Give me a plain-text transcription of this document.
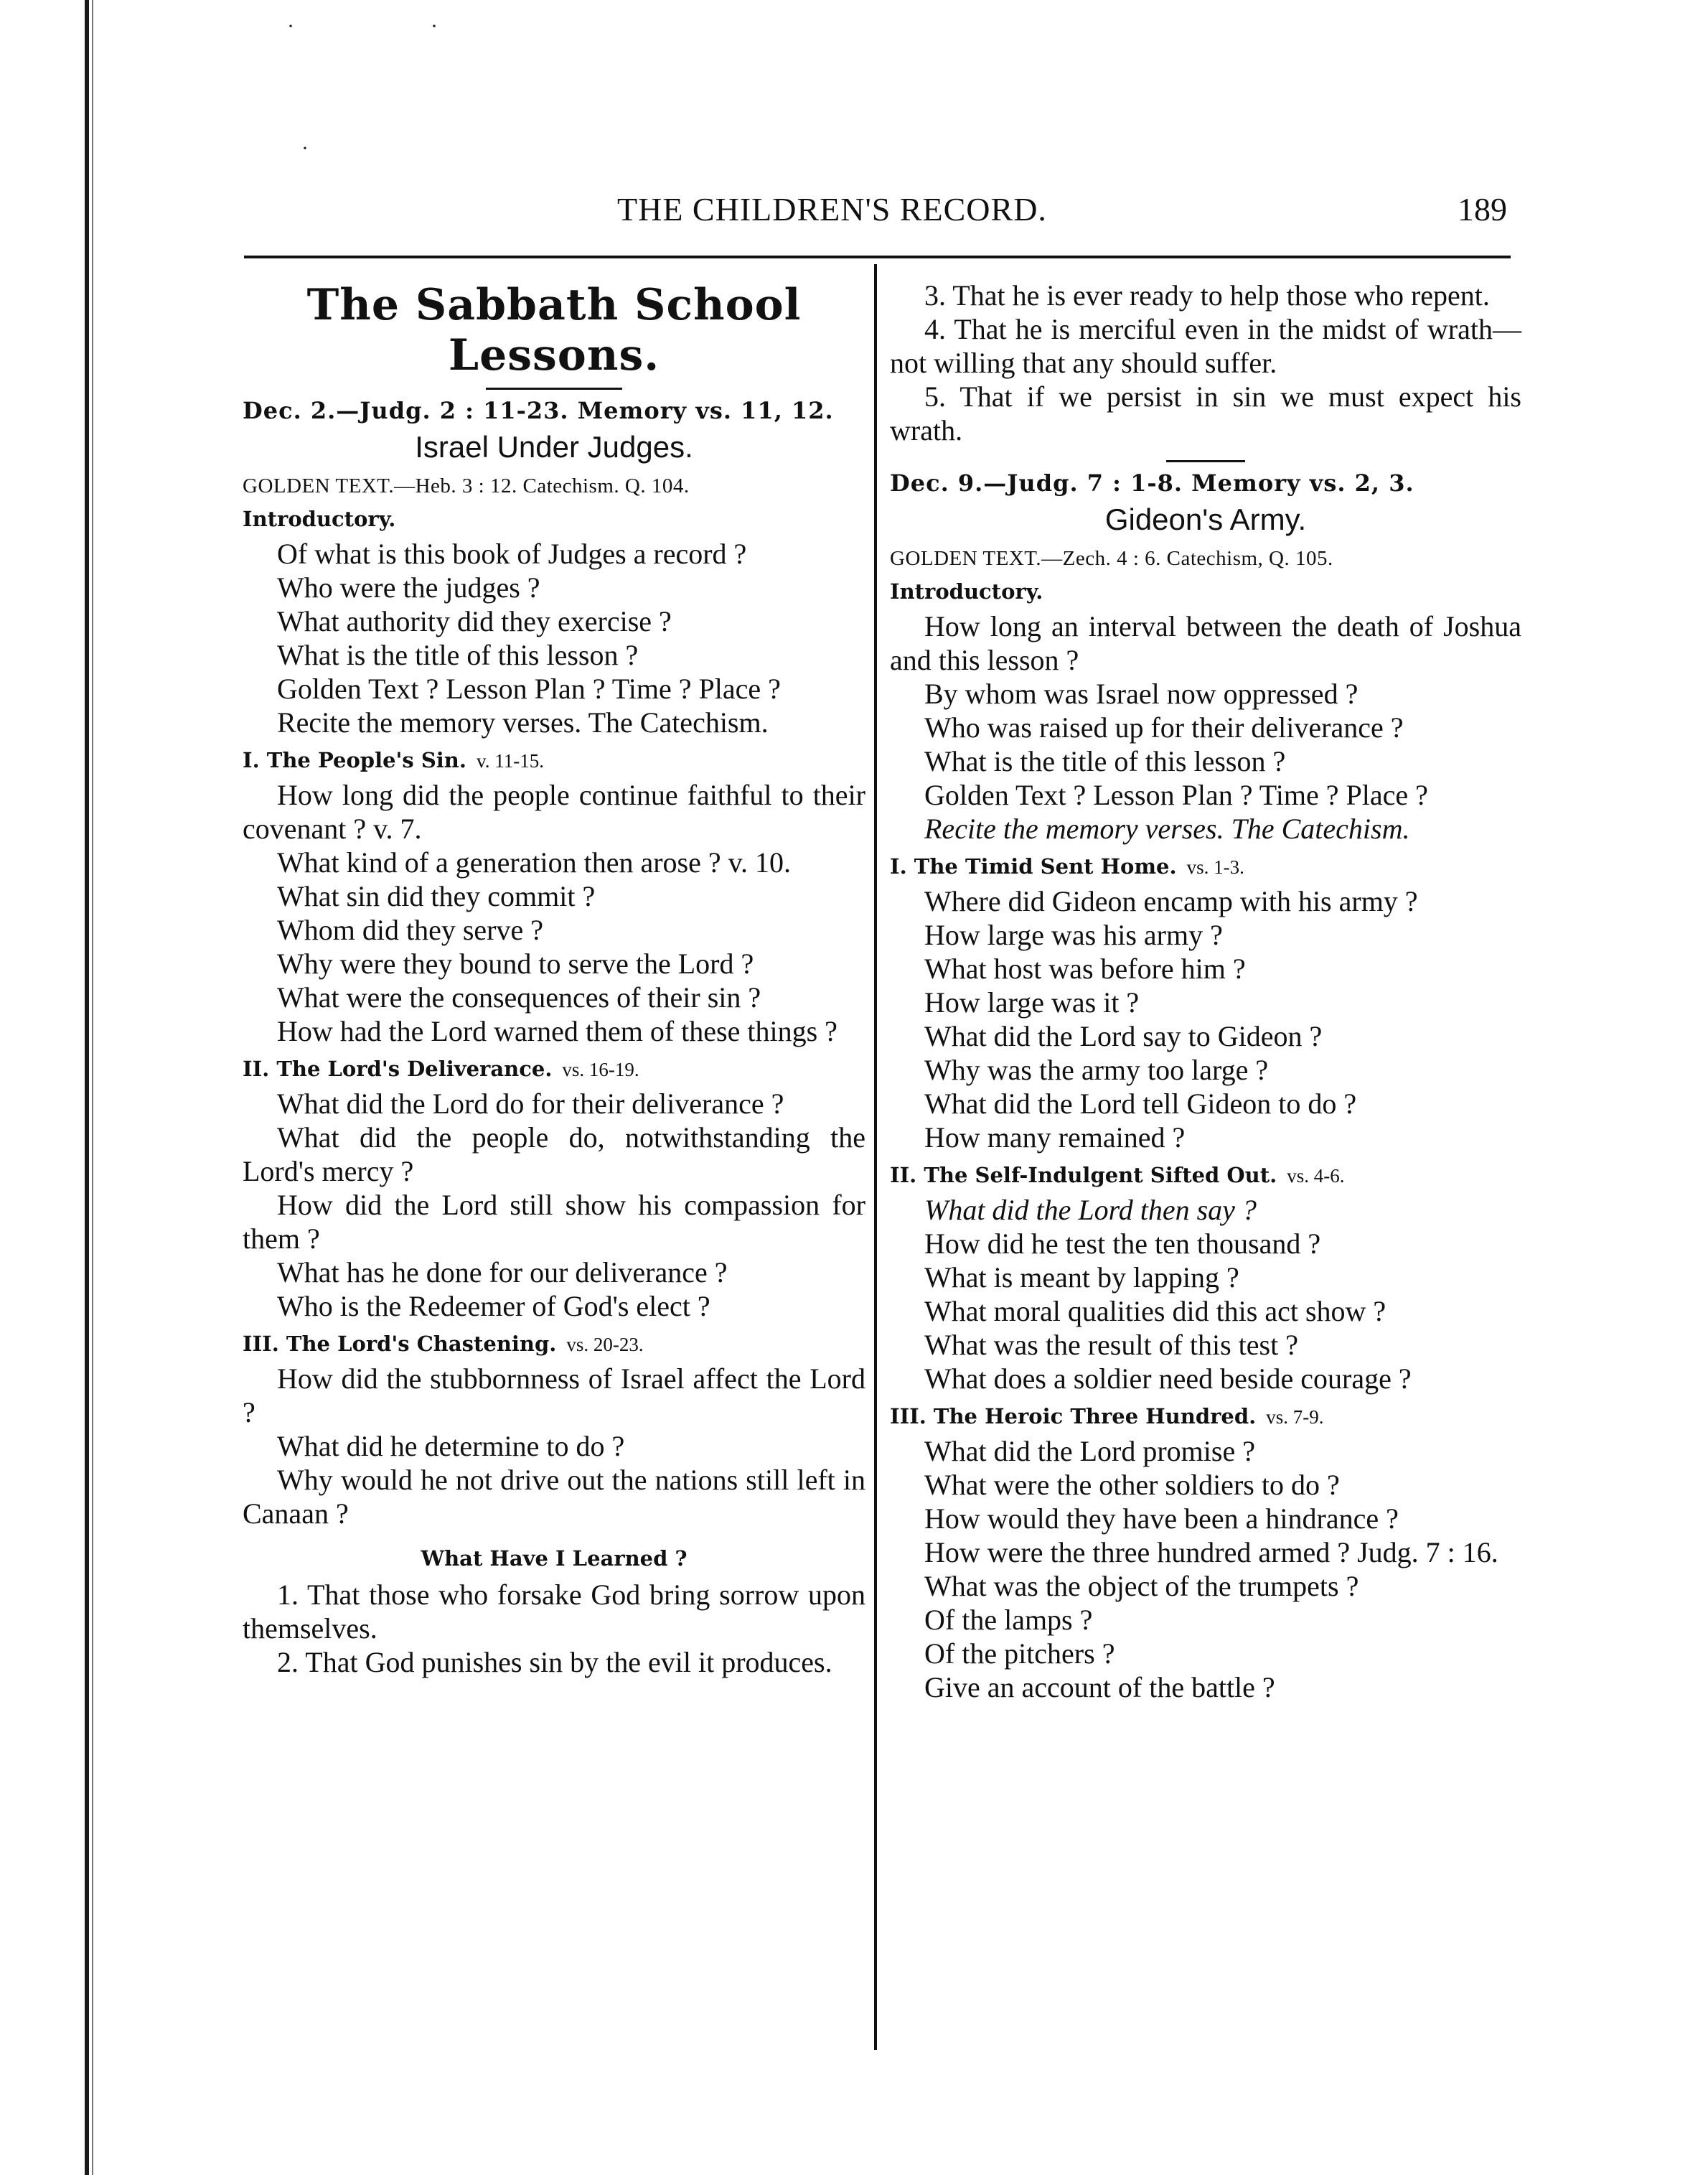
·	·
·
THE CHILDREN'S RECORD.	189
The Sabbath School Lessons.
Dec. 2.—Judg. 2 : 11-23. Memory vs. 11, 12.
Israel Under Judges.
GOLDEN TEXT.—Heb. 3 : 12. Catechism. Q. 104.
Introductory.

Of what is this book of Judges a record ?

Who were the judges ?

What authority did they exercise ?

What is the title of this lesson ?

Golden Text ? Lesson Plan ? Time ? Place ?

Recite the memory verses. The Catechism.

I. The People's Sin. v. 11-15.

How long did the people continue faithful to their covenant ? v. 7.

What kind of a generation then arose ? v. 10.

What sin did they commit ?

Whom did they serve ?

Why were they bound to serve the Lord ?

What were the consequences of their sin ?

How had the Lord warned them of these things ?

II. The Lord's Deliverance. vs. 16-19.

What did the Lord do for their deliverance ?

What did the people do, notwithstanding the Lord's mercy ?

How did the Lord still show his compassion for them ?

What has he done for our deliverance ?

Who is the Redeemer of God's elect ?

III. The Lord's Chastening. vs. 20-23.

How did the stubbornness of Israel affect the Lord ?

What did he determine to do ?

Why would he not drive out the nations still left in Canaan ?

What Have I Learned ?

1. That those who forsake God bring sorrow upon themselves.

2. That God punishes sin by the evil it produces.

3. That he is ever ready to help those who repent.

4. That he is merciful even in the midst of wrath—not willing that any should suffer.

5. That if we persist in sin we must expect his wrath.

Dec. 9.—Judg. 7 : 1-8. Memory vs. 2, 3.
Gideon's Army.
GOLDEN TEXT.—Zech. 4 : 6. Catechism, Q. 105.
Introductory.

How long an interval between the death of Joshua and this lesson ?

By whom was Israel now oppressed ?

Who was raised up for their deliverance ?

What is the title of this lesson ?

Golden Text ? Lesson Plan ? Time ? Place ?

Recite the memory verses. The Catechism.

I. The Timid Sent Home. vs. 1-3.

Where did Gideon encamp with his army ?

How large was his army ?

What host was before him ?

How large was it ?

What did the Lord say to Gideon ?

Why was the army too large ?

What did the Lord tell Gideon to do ?

How many remained ?

II. The Self-Indulgent Sifted Out. vs. 4-6.

What did the Lord then say ?

How did he test the ten thousand ?

What is meant by lapping ?

What moral qualities did this act show ?

What was the result of this test ?

What does a soldier need beside courage ?

III. The Heroic Three Hundred. vs. 7-9.

What did the Lord promise ?

What were the other soldiers to do ?

How would they have been a hindrance ?

How were the three hundred armed ? Judg. 7 : 16.

What was the object of the trumpets ?

Of the lamps ?

Of the pitchers ?

Give an account of the battle ?
